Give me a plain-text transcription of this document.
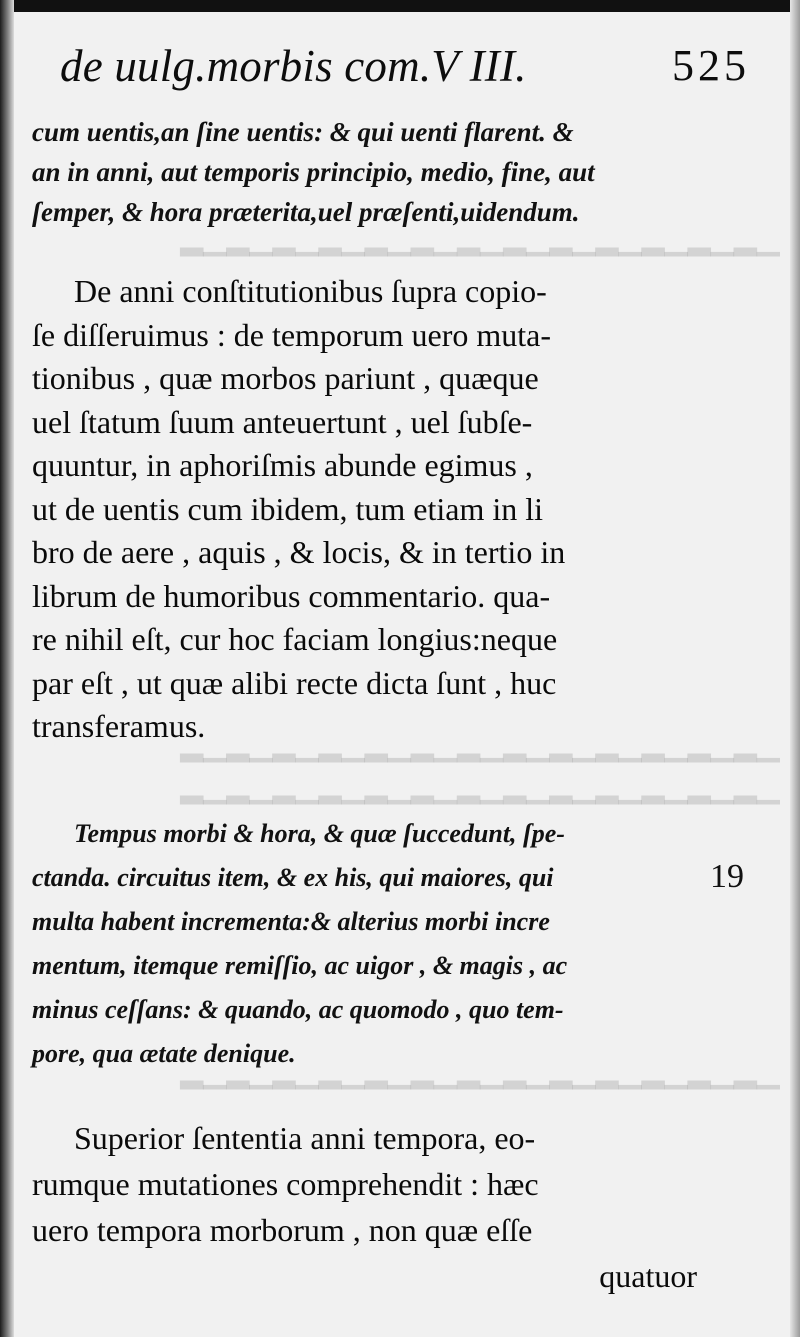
▁▂▁▂▁▂▁▂▁▂▁▂▁▂▁▂▁▂▁▂▁▂▁▂▁▂
▁▂▁▂▁▂▁▂▁▂▁▂▁▂▁▂▁▂▁▂▁▂▁▂▁▂
▁▂▁▂▁▂▁▂▁▂▁▂▁▂▁▂▁▂▁▂▁▂▁▂▁▂
▁▂▁▂▁▂▁▂▁▂▁▂▁▂▁▂▁▂▁▂▁▂▁▂▁▂
de uulg.morbis com.V III.	525
cum uentis,an ſine uentis: & qui uenti flarent. &
an in anni, aut temporis principio, medio, fine, aut
ſemper, & hora præterita,uel præſenti,uidendum.
De anni conſtitutionibus ſupra copio-
ſe diſſeruimus : de temporum uero muta-
tionibus , quæ morbos pariunt , quæque
uel ſtatum ſuum anteuertunt , uel ſubſe-
quuntur, in aphoriſmis abunde egimus ,
ut de uentis cum ibidem, tum etiam in li
bro de aere , aquis , & locis, & in tertio in
librum de humoribus commentario. qua-
re nihil eſt, cur hoc faciam longius:neque
par eſt , ut quæ alibi recte dicta ſunt , huc
transferamus.
Tempus morbi & hora, & quæ ſuccedunt, ſpe-
ctanda. circuitus item, & ex his, qui maiores, qui
multa habent incrementa:& alterius morbi incre
mentum, itemque remiſſio, ac uigor , & magis , ac
minus ceſſans: & quando, ac quomodo , quo tem-
pore, qua ætate denique.
19
Superior ſententia anni tempora, eo-
rumque mutationes comprehendit : hæc
uero tempora morborum , non quæ eſſe
quatuor
